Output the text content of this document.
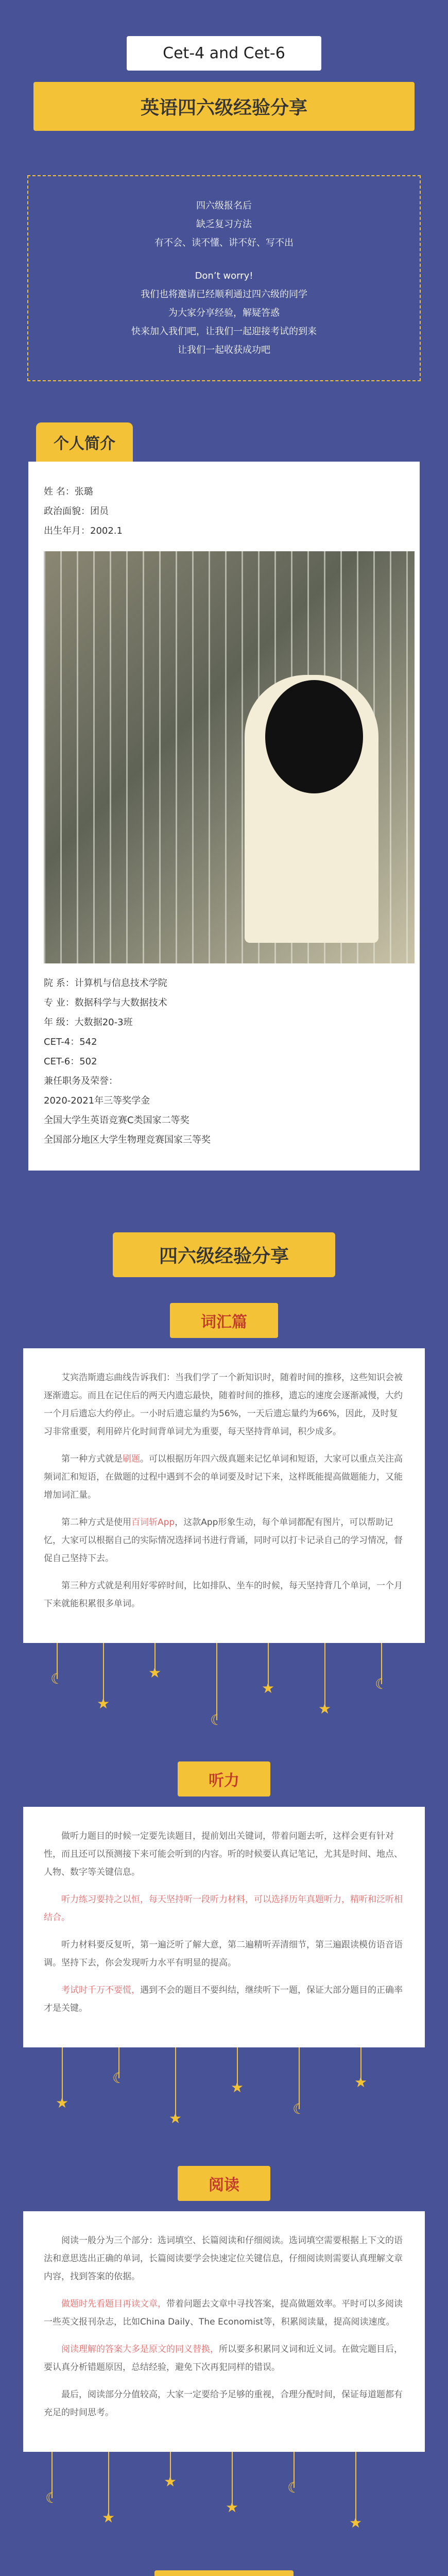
Cet-4 and Cet-6
英语四六级经验分享
四六级报名后
缺乏复习方法
有不会、读不懂、讲不好、写不出
Don’t worry!
我们也将邀请已经顺利通过四六级的同学
为大家分享经验，解疑答惑
快来加入我们吧，让我们一起迎接考试的到来
让我们一起收获成功吧
个人简介
姓 名：张璐
政治面貌：团员
出生年月：2002.1
院 系：计算机与信息技术学院
专 业：数据科学与大数据技术
年 级：大数据20-3班
CET-4：542
CET-6：502
兼任职务及荣誉：
2020-2021年三等奖学金
全国大学生英语竞赛C类国家二等奖
全国部分地区大学生物理竞赛国家三等奖
四六级经验分享
词汇篇

艾宾浩斯遗忘曲线告诉我们：当我们学了一个新知识时，随着时间的推移，这些知识会被逐渐遗忘。而且在记住后的两天内遗忘最快，随着时间的推移，遗忘的速度会逐渐减慢，大约一个月后遗忘大约停止。一小时后遗忘量约为56%，一天后遗忘量约为66%，因此，及时复习非常重要，利用碎片化时间背单词尤为重要，每天坚持背单词，积少成多。

第一种方式就是刷题。可以根据历年四六级真题来记忆单词和短语，大家可以重点关注高频词汇和短语，在做题的过程中遇到不会的单词要及时记下来，这样既能提高做题能力，又能增加词汇量。

第二种方式是使用百词斩App，这款App形象生动，每个单词都配有图片，可以帮助记忆，大家可以根据自己的实际情况选择词书进行背诵，同时可以打卡记录自己的学习情况，督促自己坚持下去。

第三种方式就是利用好零碎时间，比如排队、坐车的时候，每天坚持背几个单词，一个月下来就能积累很多单词。

☾
★
★
☾
★
★
☾
听力

做听力题目的时候一定要先读题目，提前划出关键词，带着问题去听，这样会更有针对性，而且还可以预测接下来可能会听到的内容。听的时候要认真记笔记，尤其是时间、地点、人物、数字等关键信息。

听力练习要持之以恒，每天坚持听一段听力材料，可以选择历年真题听力，精听和泛听相结合。

听力材料要反复听，第一遍泛听了解大意，第二遍精听弄清细节，第三遍跟读模仿语音语调。坚持下去，你会发现听力水平有明显的提高。

考试时千万不要慌，遇到不会的题目不要纠结，继续听下一题，保证大部分题目的正确率才是关键。

★
☾
★
★
☾
★
阅读

阅读一般分为三个部分：选词填空、长篇阅读和仔细阅读。选词填空需要根据上下文的语法和意思选出正确的单词，长篇阅读要学会快速定位关键信息，仔细阅读则需要认真理解文章内容，找到答案的依据。

做题时先看题目再读文章，带着问题去文章中寻找答案，提高做题效率。平时可以多阅读一些英文报刊杂志，比如China Daily、The Economist等，积累阅读量，提高阅读速度。

阅读理解的答案大多是原文的同义替换，所以要多积累同义词和近义词。在做完题目后，要认真分析错题原因，总结经验，避免下次再犯同样的错误。

最后，阅读部分分值较高，大家一定要给予足够的重视，合理分配时间，保证每道题都有充足的时间思考。

☾
★
★
★
☾
★
